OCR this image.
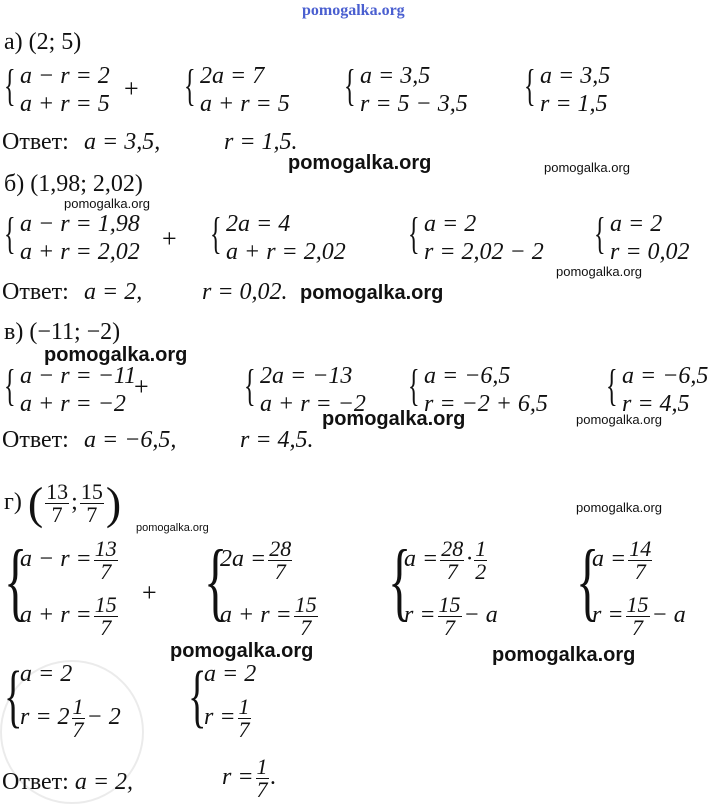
pomogalka.org
а) (2; 5)
{ a − r = 2
a + r = 5
+ { 2a = 7
a + r = 5 { a = 3,5
r = 5 − 3,5 { a = 3,5
r = 1,5
Ответ: a = 3,5,	r = 1,5.
pomogalka.org	pomogalka.org
б) (1,98; 2,02)
pomogalka.org
{ a − r = 1,98
a + r = 2,02 + { 2a = 4
a + r = 2,02 { a = 2
r = 2,02 − 2 { a = 2
r = 0,02
pomogalka.org
Ответ: a = 2, r = 0,02. pomogalka.org
в) (−11; −2)
pomogalka.org
{ a − r = −11
a + r = −2
+ { 2a = −13
a + r = −2 { a = −6,5
r = −2 + 6,5 { a = −6,5
r = 4,5
pomogalka.org	pomogalka.org
Ответ: a = −6,5,	r = 4,5.
г) ( $\frac{13}{7}$ ; $\frac{15}{7}$ )	pomogalka.org
pomogalka.org
{
$a - r = \frac{13}{7}$
$a + r = \frac{15}{7}$
+ {
$2a = \frac{28}{7}$
$a + r = \frac{15}{7}$ {
$a = \frac{28}{7} \cdot \frac{1}{2}$
$r = \frac{15}{7} - a$ {
$a = \frac{14}{7}$
$r = \frac{15}{7} - a$
pomogalka.org	pomogalka.org
{
a = 2
$r = 2 \frac{1}{7} - 2$ {
a = 2
$r = \frac{1}{7}$
Ответ: a = 2,	$r = \frac{1}{7}$ .
